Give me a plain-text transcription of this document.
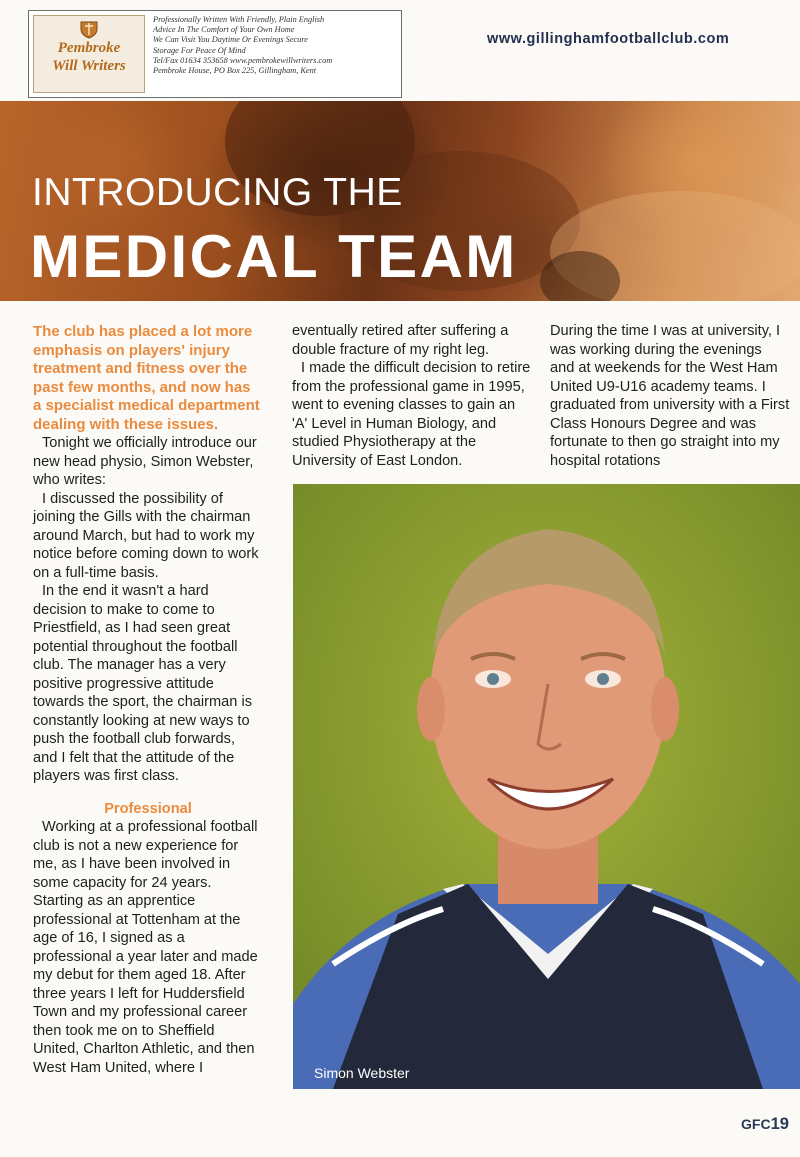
Pembroke
Will Writers
Professionally Written With Friendly, Plain English
Advice In The Comfort of Your Own Home
We Can Visit You Daytime Or Evenings Secure
Storage For Peace Of Mind
Tel/Fax 01634 353658 www.pembrokewillwriters.com
Pembroke House, PO Box 225, Gillingham, Kent
www.gillinghamfootballclub.com
INTRODUCING THE
MEDICAL TEAM

The club has placed a lot more emphasis on players' injury treatment and fitness over the past few months, and now has a specialist medical department dealing with these issues.

Tonight we officially introduce our new head physio, Simon Webster, who writes:

I discussed the possibility of joining the Gills with the chairman around March, but had to work my notice before coming down to work on a full-time basis.

In the end it wasn't a hard decision to make to come to Priestfield, as I had seen great potential throughout the football club. The manager has a very positive progressive attitude towards the sport, the chairman is constantly looking at new ways to push the football club forwards, and I felt that the attitude of the players was first class.

Professional

Working at a professional football club is not a new experience for me, as I have been involved in some capacity for 24 years. Starting as an apprentice professional at Tottenham at the age of 16, I signed as a professional a year later and made my debut for them aged 18. After three years I left for Huddersfield Town and my professional career then took me on to Sheffield United, Charlton Athletic, and then West Ham United, where I

eventually retired after suffering a double fracture of my right leg.

I made the difficult decision to retire from the professional game in 1995, went to evening classes to gain an 'A' Level in Human Biology, and studied Physiotherapy at the University of East London.

During the time I was at university, I was working during the evenings and at weekends for the West Ham United U9-U16 academy teams. I graduated from university with a First Class Honours Degree and was fortunate to then go straight into my hospital rotations

Simon Webster
GFC19
